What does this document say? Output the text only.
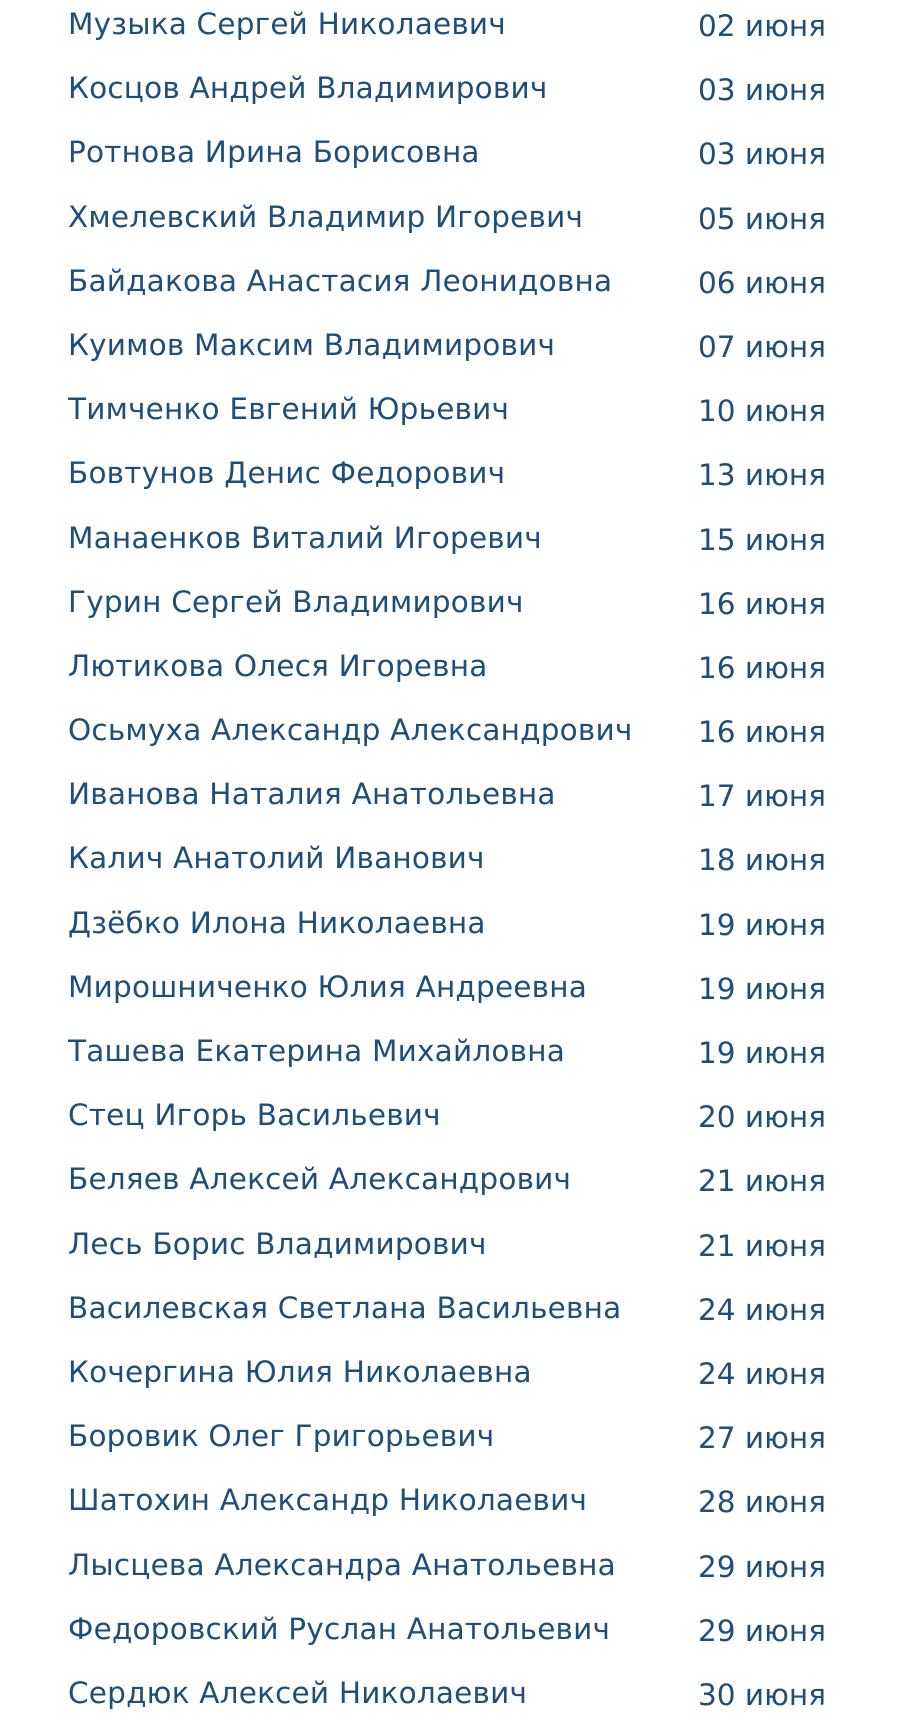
Музыка Сергей Николаевич	02 июня
Косцов Андрей Владимирович	03 июня
Ротнова Ирина Борисовна	03 июня
Хмелевский Владимир Игоревич	05 июня
Байдакова Анастасия Леонидовна	06 июня
Куимов Максим Владимирович	07 июня
Тимченко Евгений Юрьевич	10 июня
Бовтунов Денис Федорович	13 июня
Манаенков Виталий Игоревич	15 июня
Гурин Сергей Владимирович	16 июня
Лютикова Олеся Игоревна	16 июня
Осьмуха Александр Александрович 16 июня
Иванова Наталия Анатольевна	17 июня
Калич Анатолий Иванович	18 июня
Дзёбко Илона Николаевна	19 июня
Мирошниченко Юлия Андреевна	19 июня
Ташева Екатерина Михайловна	19 июня
Стец Игорь Васильевич	20 июня
Беляев Алексей Александрович	21 июня
Лесь Борис Владимирович	21 июня
Василевская Светлана Васильевна	24 июня
Кочергина Юлия Николаевна	24 июня
Боровик Олег Григорьевич	27 июня
Шатохин Александр Николаевич	28 июня
Лысцева Александра Анатольевна	29 июня
Федоровский Руслан Анатольевич	29 июня
Сердюк Алексей Николаевич	30 июня
